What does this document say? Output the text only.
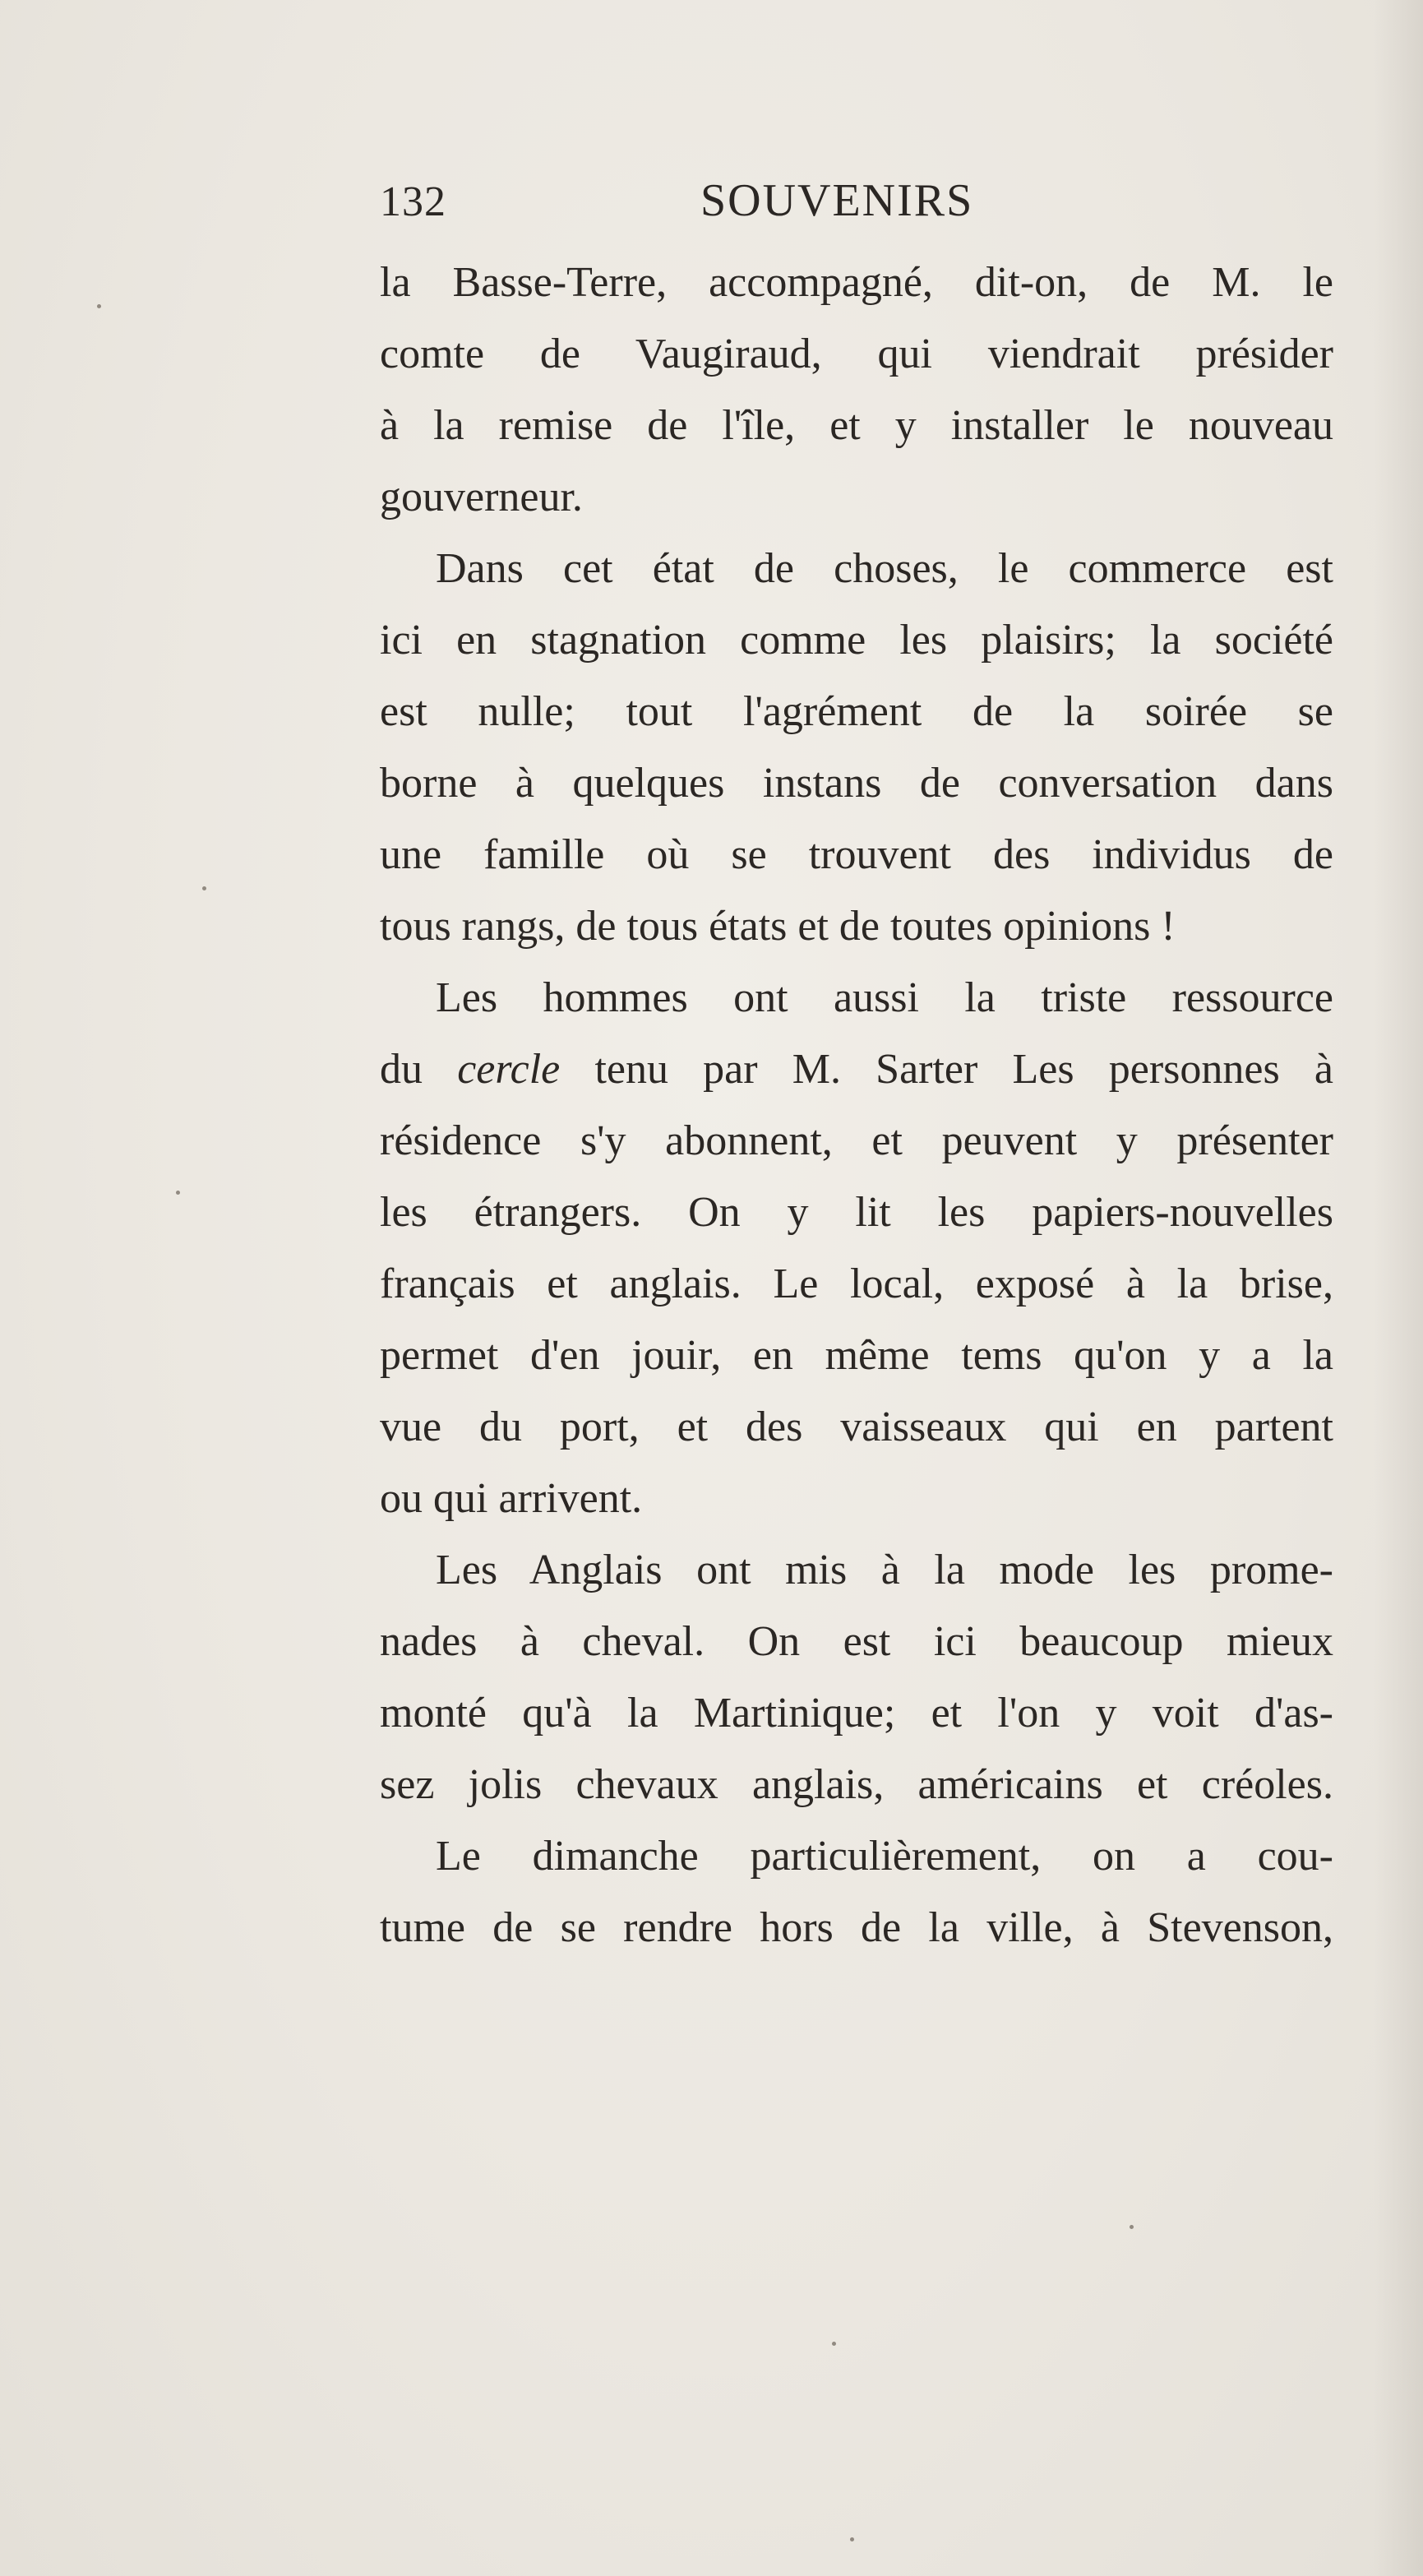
132	SOUVENIRS
la Basse-Terre, accompagné, dit-on, de M. le
comte de Vaugiraud, qui viendrait présider
à la remise de l'île, et y installer le nouveau
gouverneur.
Dans cet état de choses, le commerce est
ici en stagnation comme les plaisirs; la société
est nulle; tout l'agrément de la soirée se
borne à quelques instans de conversation dans
une famille où se trouvent des individus de
tous rangs, de tous états et de toutes opinions !
Les hommes ont aussi la triste ressource
du cercle tenu par M. Sarter Les personnes à
résidence s'y abonnent, et peuvent y présenter
les étrangers. On y lit les papiers-nouvelles
français et anglais. Le local, exposé à la brise,
permet d'en jouir, en même tems qu'on y a la
vue du port, et des vaisseaux qui en partent
ou qui arrivent.
Les Anglais ont mis à la mode les prome-
nades à cheval. On est ici beaucoup mieux
monté qu'à la Martinique; et l'on y voit d'as-
sez jolis chevaux anglais, américains et créoles.
Le dimanche particulièrement, on a cou-
tume de se rendre hors de la ville, à Stevenson,
